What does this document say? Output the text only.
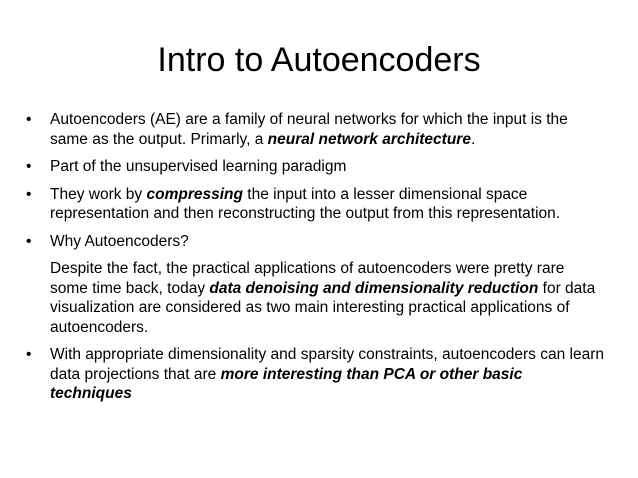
Intro to Autoencoders
•	Autoencoders (AE) are a family of neural networks for which the input is the same as the output. Primarly, a neural network architecture.
•	Part of the unsupervised learning paradigm
•	They work by compressing the input into a lesser dimensional space representation and then reconstructing the output from this representation.
•	Why Autoencoders?
Despite the fact, the practical applications of autoencoders were pretty rare some time back, today data denoising and dimensionality reduction for data visualization are considered as two main interesting practical applications of autoencoders.
•	With appropriate dimensionality and sparsity constraints, autoencoders can learn data projections that are more interesting than PCA or other basic techniques
